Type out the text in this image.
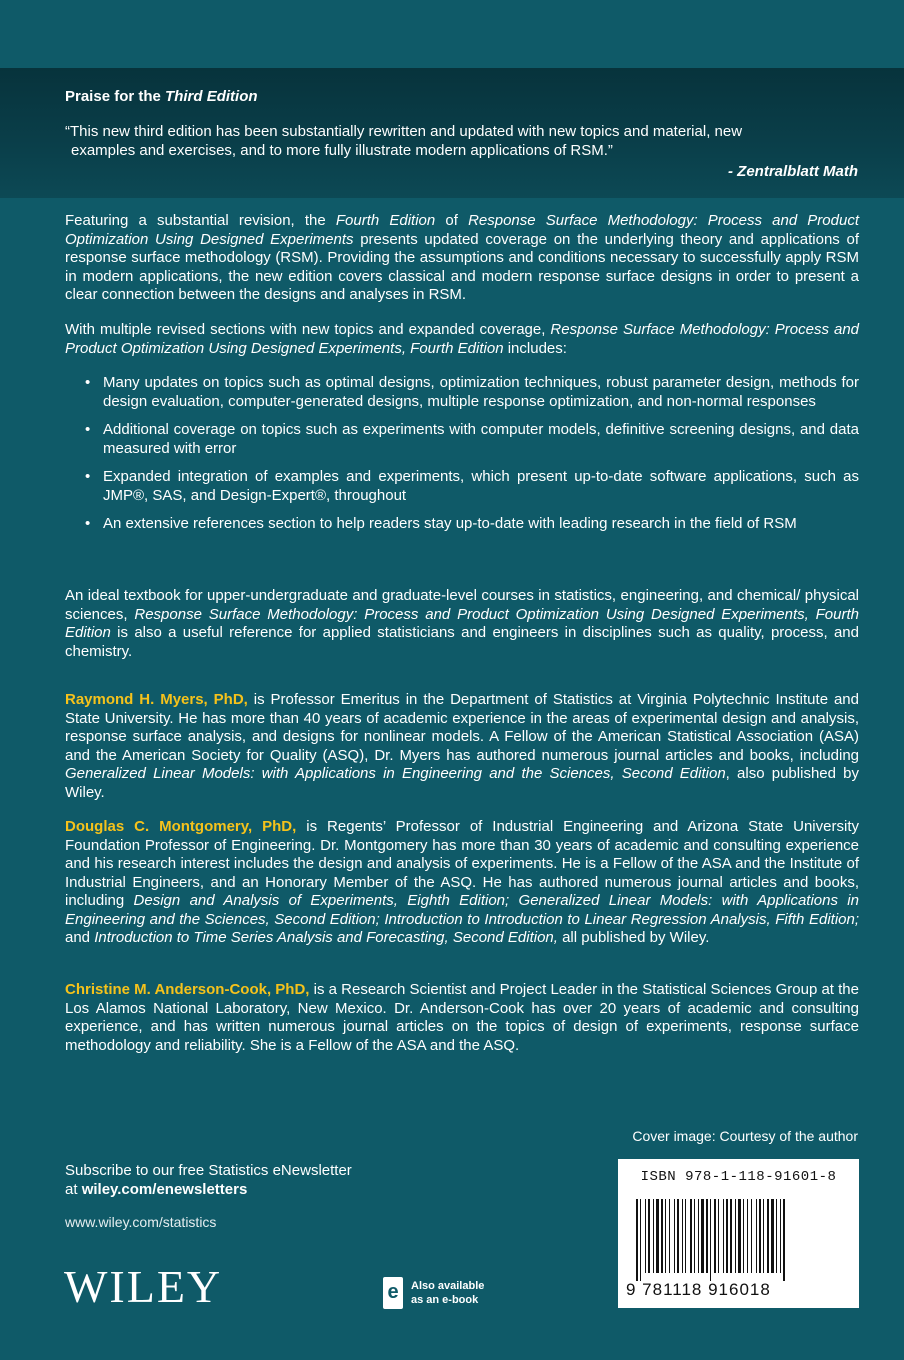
Praise for the Third Edition
“This new third edition has been substantially rewritten and updated with new topics and material, new
examples and exercises, and to more fully illustrate modern applications of RSM.”
- Zentralblatt Math

Featuring a substantial revision, the Fourth Edition of Response Surface Methodology: Process and Product Optimization Using Designed Experiments presents updated coverage on the underlying theory and applications of response surface methodology (RSM). Providing the assumptions and conditions necessary to successfully apply RSM in modern applications, the new edition covers classical and modern response surface designs in order to present a clear connection between the designs and analyses in RSM.

With multiple revised sections with new topics and expanded coverage, Response Surface Methodology: Process and Product Optimization Using Designed Experiments, Fourth Edition includes:

• Many updates on topics such as optimal designs, optimization techniques, robust parameter design, methods for design evaluation, computer-generated designs, multiple response optimization, and non-normal responses
• Additional coverage on topics such as experiments with computer models, definitive screening designs, and data measured with error
• Expanded integration of examples and experiments, which present up-to-date software applications, such as JMP®, SAS, and Design-Expert®, throughout
• An extensive references section to help readers stay up-to-date with leading research in the field of RSM

An ideal textbook for upper-undergraduate and graduate-level courses in statistics, engineering, and chemical/ physical sciences, Response Surface Methodology: Process and Product Optimization Using Designed Experiments, Fourth Edition is also a useful reference for applied statisticians and engineers in disciplines such as quality, process, and chemistry.

Raymond H. Myers, PhD, is Professor Emeritus in the Department of Statistics at Virginia Polytechnic Institute and State University. He has more than 40 years of academic experience in the areas of experimental design and analysis, response surface analysis, and designs for nonlinear models. A Fellow of the American Statistical Association (ASA) and the American Society for Quality (ASQ), Dr. Myers has authored numerous journal articles and books, including Generalized Linear Models: with Applications in Engineering and the Sciences, Second Edition, also published by Wiley.

Douglas C. Montgomery, PhD, is Regents’ Professor of Industrial Engineering and Arizona State University Foundation Professor of Engineering. Dr. Montgomery has more than 30 years of academic and consulting experience and his research interest includes the design and analysis of experiments. He is a Fellow of the ASA and the Institute of Industrial Engineers, and an Honorary Member of the ASQ. He has authored numerous journal articles and books, including Design and Analysis of Experiments, Eighth Edition; Generalized Linear Models: with Applications in Engineering and the Sciences, Second Edition; Introduction to Introduction to Linear Regression Analysis, Fifth Edition; and Introduction to Time Series Analysis and Forecasting, Second Edition, all published by Wiley.

Christine M. Anderson-Cook, PhD, is a Research Scientist and Project Leader in the Statistical Sciences Group at the Los Alamos National Laboratory, New Mexico. Dr. Anderson-Cook has over 20 years of academic and consulting experience, and has written numerous journal articles on the topics of design of experiments, response surface methodology and reliability. She is a Fellow of the ASA and the ASQ.

Cover image: Courtesy of the author
Subscribe to our free Statistics eNewsletter
at wiley.com/enewsletters
www.wiley.com/statistics
WILEY	e	Also available
as an e-book
ISBN 978-1-118-91601-8
9 781118 916018
